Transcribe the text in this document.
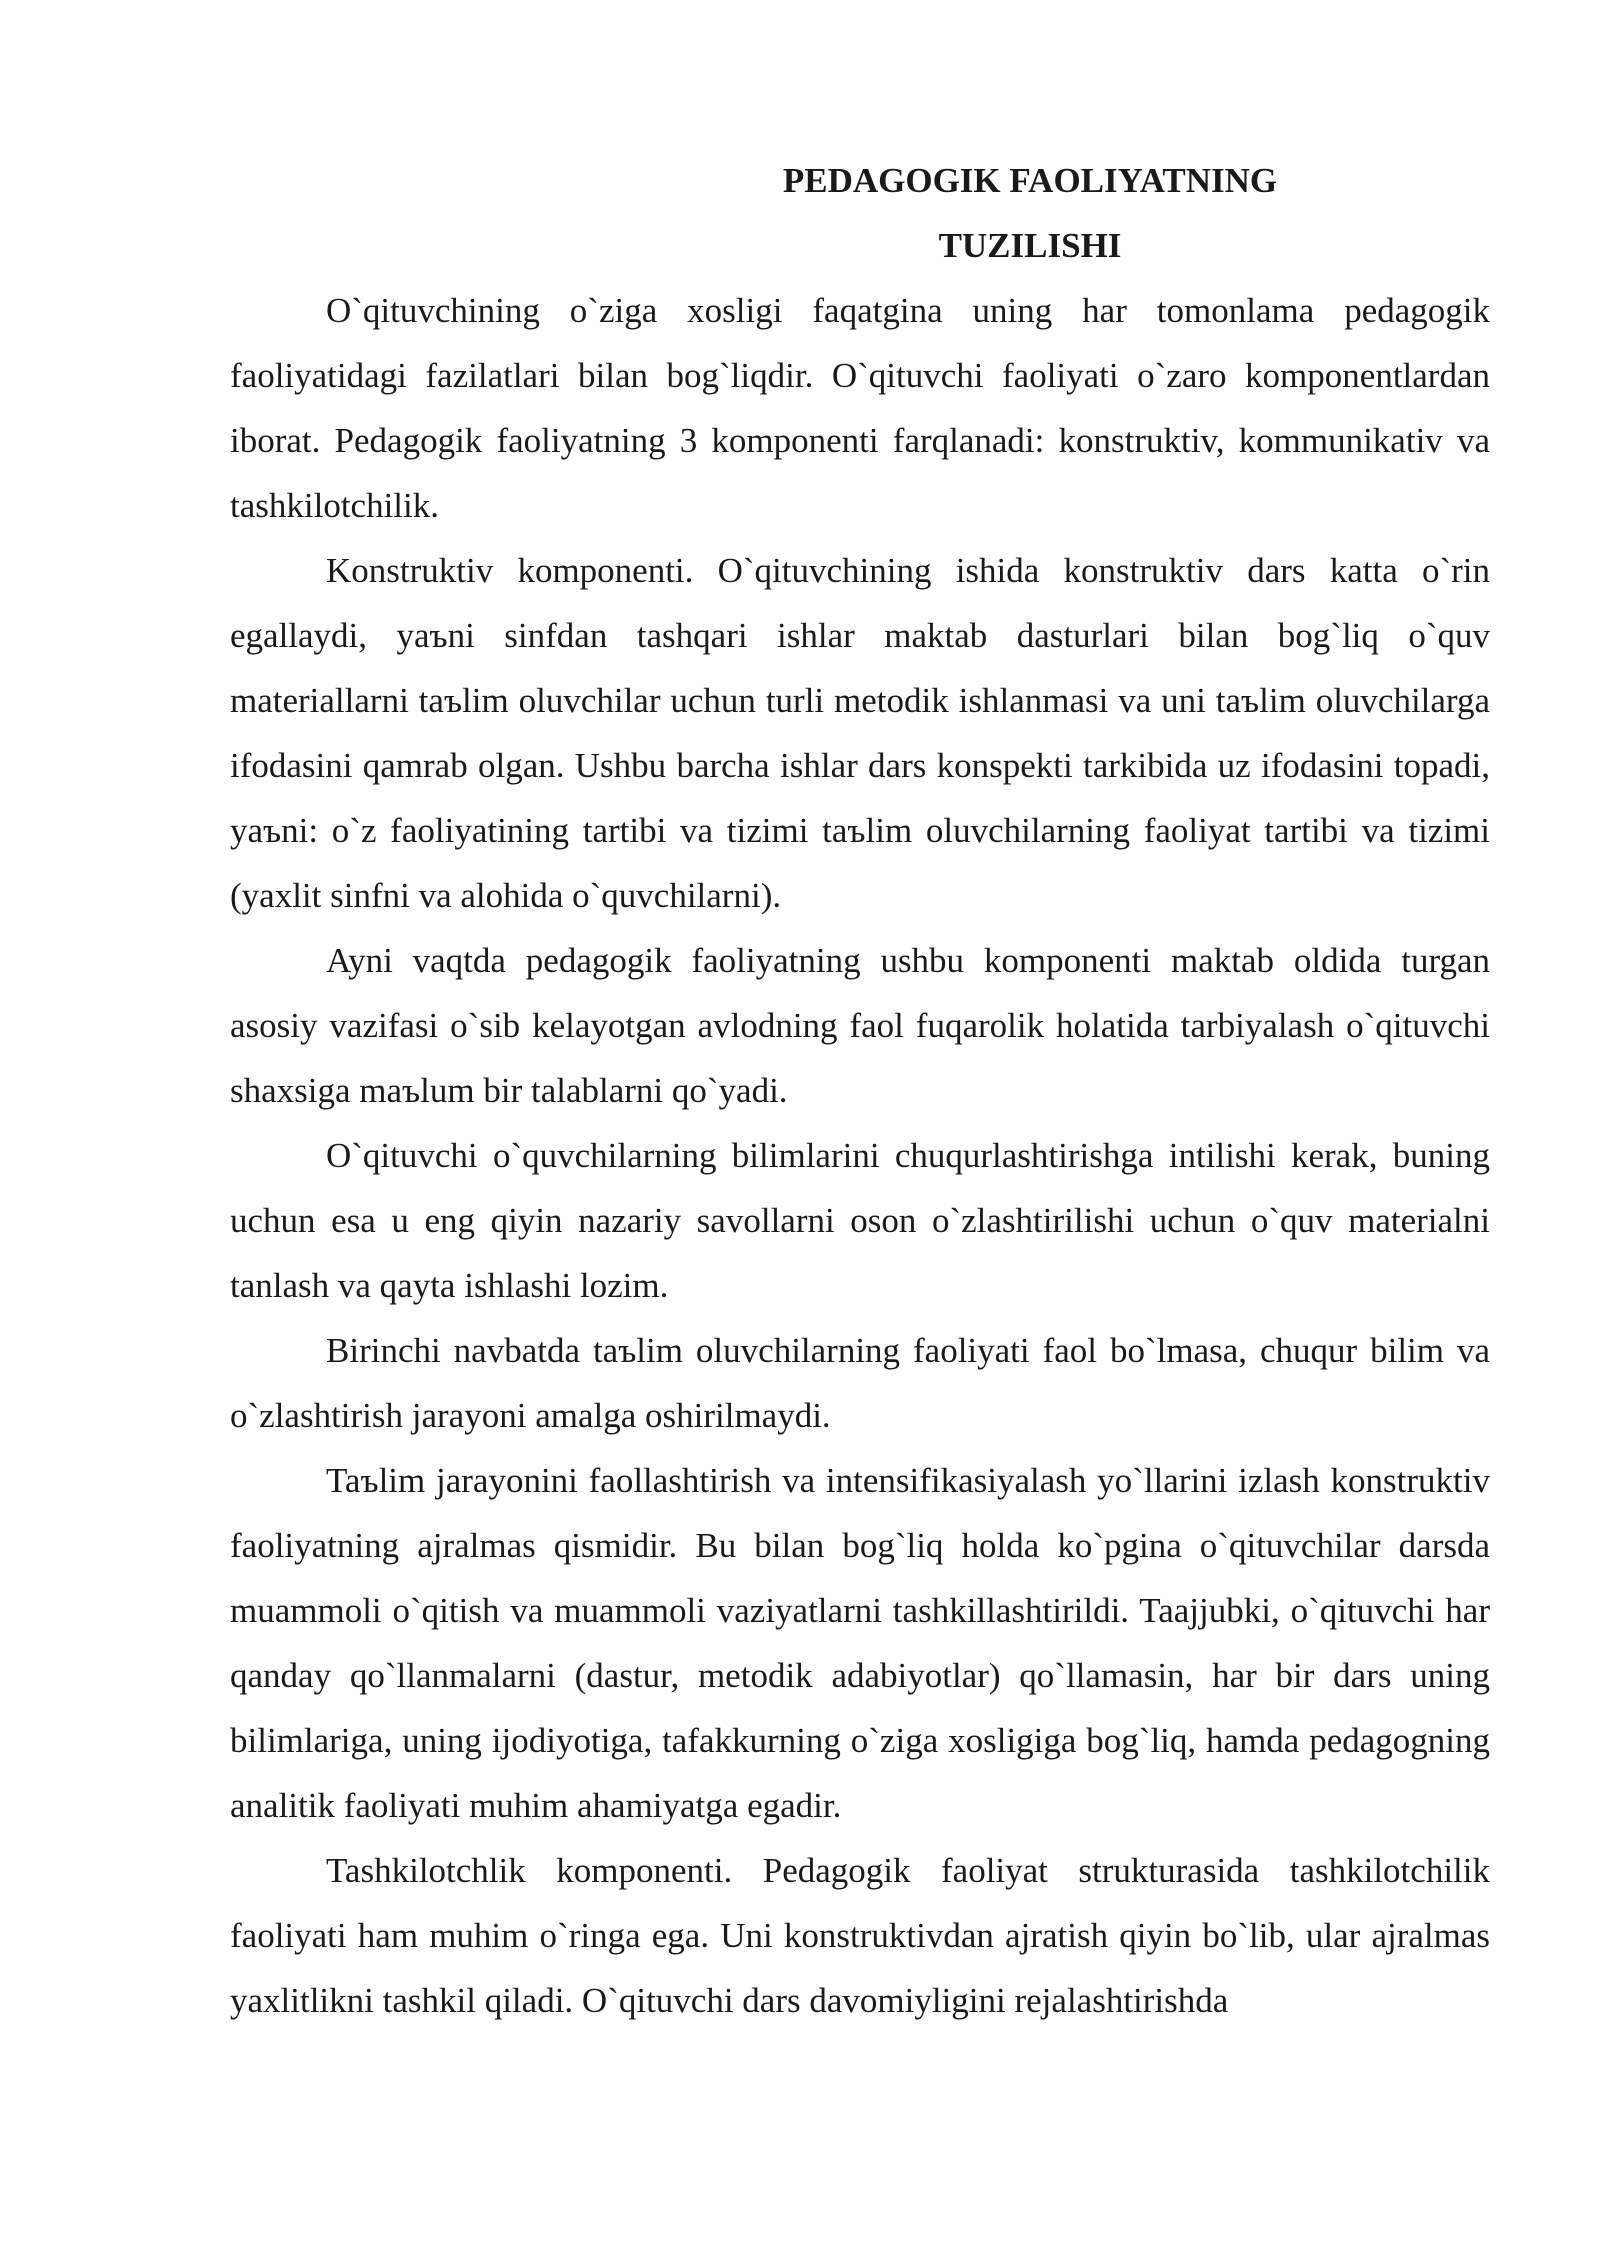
PEDAGOGIK FAOLIYATNING
TUZILISHI

O`qituvchining o`ziga xosligi faqatgina uning har tomonlama pedagogik faoliyatidagi fazilatlari bilan bog`liqdir. O`qituvchi faoliyati o`zaro komponentlardan iborat. Pedagogik faoliyatning 3 komponenti farqlanadi: konstruktiv, kommunikativ va tashkilotchilik.

Konstruktiv komponenti. O`qituvchining ishida konstruktiv dars katta o`rin egallaydi, yaъni sinfdan tashqari ishlar maktab dasturlari bilan bog`liq o`quv materiallarni taъlim oluvchilar uchun turli metodik ishlanmasi va uni taъlim oluvchilarga ifodasini qamrab olgan. Ushbu barcha ishlar dars konspekti tarkibida uz ifodasini topadi, yaъni: o`z faoliyatining tartibi va tizimi taъlim oluvchilarning faoliyat tartibi va tizimi (yaxlit sinfni va alohida o`quvchilarni).

Ayni vaqtda pedagogik faoliyatning ushbu komponenti maktab oldida turgan asosiy vazifasi o`sib kelayotgan avlodning faol fuqarolik holatida tarbiyalash o`qituvchi shaxsiga maъlum bir talablarni qo`yadi.

O`qituvchi o`quvchilarning bilimlarini chuqurlashtirishga intilishi kerak, buning uchun esa u eng qiyin nazariy savollarni oson o`zlashtirilishi uchun o`quv materialni tanlash va qayta ishlashi lozim.

Birinchi navbatda taъlim oluvchilarning faoliyati faol bo`lmasa, chuqur bilim va o`zlashtirish jarayoni amalga oshirilmaydi.

Taъlim jarayonini faollashtirish va intensifikasiyalash yo`llarini izlash konstruktiv faoliyatning ajralmas qismidir. Bu bilan bog`liq holda ko`pgina o`qituvchilar darsda muammoli o`qitish va muammoli vaziyatlarni tashkillashtirildi. Taajjubki, o`qituvchi har qanday qo`llanmalarni (dastur, metodik adabiyotlar) qo`llamasin, har bir dars uning bilimlariga, uning ijodiyotiga, tafakkurning o`ziga xosligiga bog`liq, hamda pedagogning analitik faoliyati muhim ahamiyatga egadir.

Tashkilotchlik komponenti. Pedagogik faoliyat strukturasida tashkilotchilik faoliyati ham muhim o`ringa ega. Uni konstruktivdan ajratish qiyin bo`lib, ular ajralmas yaxlitlikni tashkil qiladi. O`qituvchi dars davomiyligini rejalashtirishda
